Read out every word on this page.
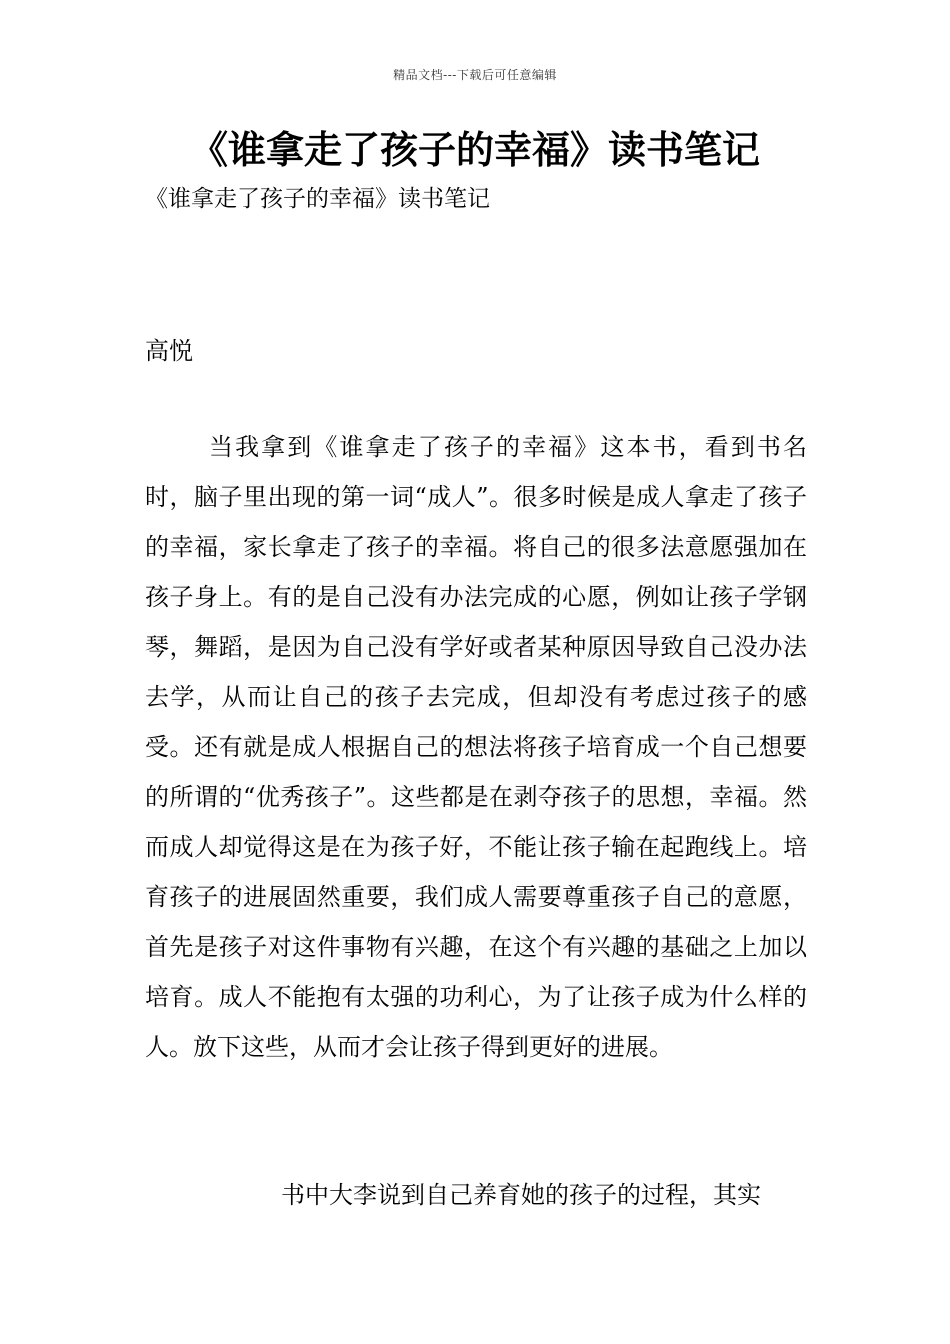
精品文档---下载后可任意编辑
《谁拿走了孩子的幸福》读书笔记
《谁拿走了孩子的幸福》读书笔记
高悦

当我拿到《谁拿走了孩子的幸福》这本书，看到书名时，脑子里出现的第一词“成人”。很多时候是成人拿走了孩子的幸福，家长拿走了孩子的幸福。将自己的很多法意愿强加在孩子身上。有的是自己没有办法完成的心愿，例如让孩子学钢琴，舞蹈，是因为自己没有学好或者某种原因导致自己没办法去学，从而让自己的孩子去完成，但却没有考虑过孩子的感受。还有就是成人根据自己的想法将孩子培育成一个自己想要的所谓的“优秀孩子”。这些都是在剥夺孩子的思想，幸福。然而成人却觉得这是在为孩子好，不能让孩子输在起跑线上。培育孩子的进展固然重要，我们成人需要尊重孩子自己的意愿，首先是孩子对这件事物有兴趣，在这个有兴趣的基础之上加以培育。成人不能抱有太强的功利心，为了让孩子成为什么样的人。放下这些，从而才会让孩子得到更好的进展。

书中大李说到自己养育她的孩子的过程，其实
